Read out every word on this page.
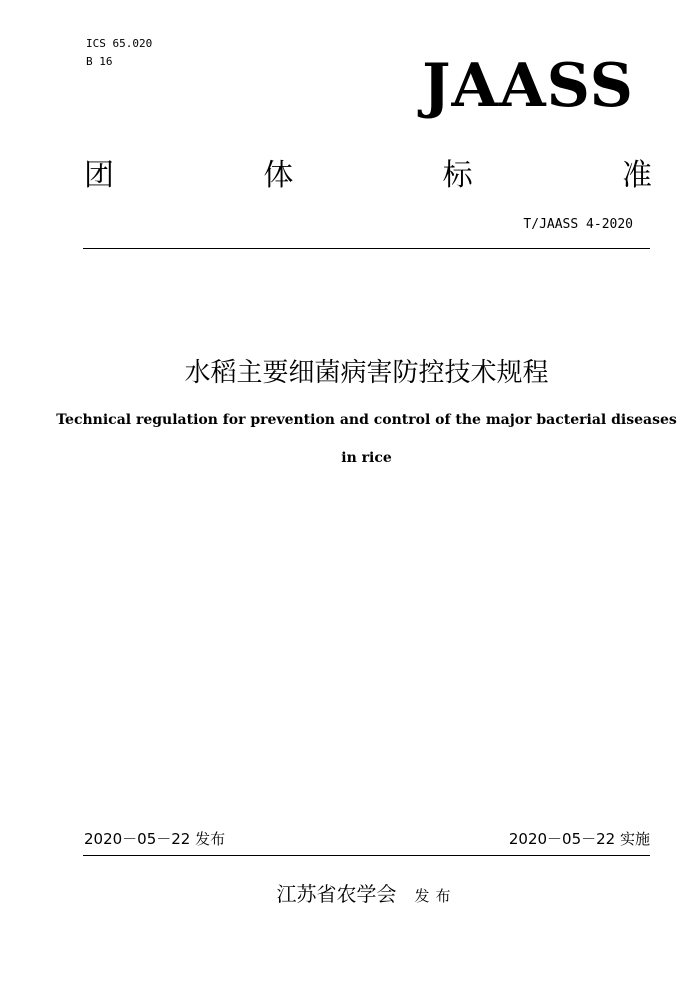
ICS 65.020
B 16	JAASS
团	体	标	准
T/JAASS 4-2020
水稻主要细菌病害防控技术规程
Technical regulation for prevention and control of the major bacterial diseases
in rice
2020－05－22 发布	2020－05－22 实施
江苏省农学会 发布
